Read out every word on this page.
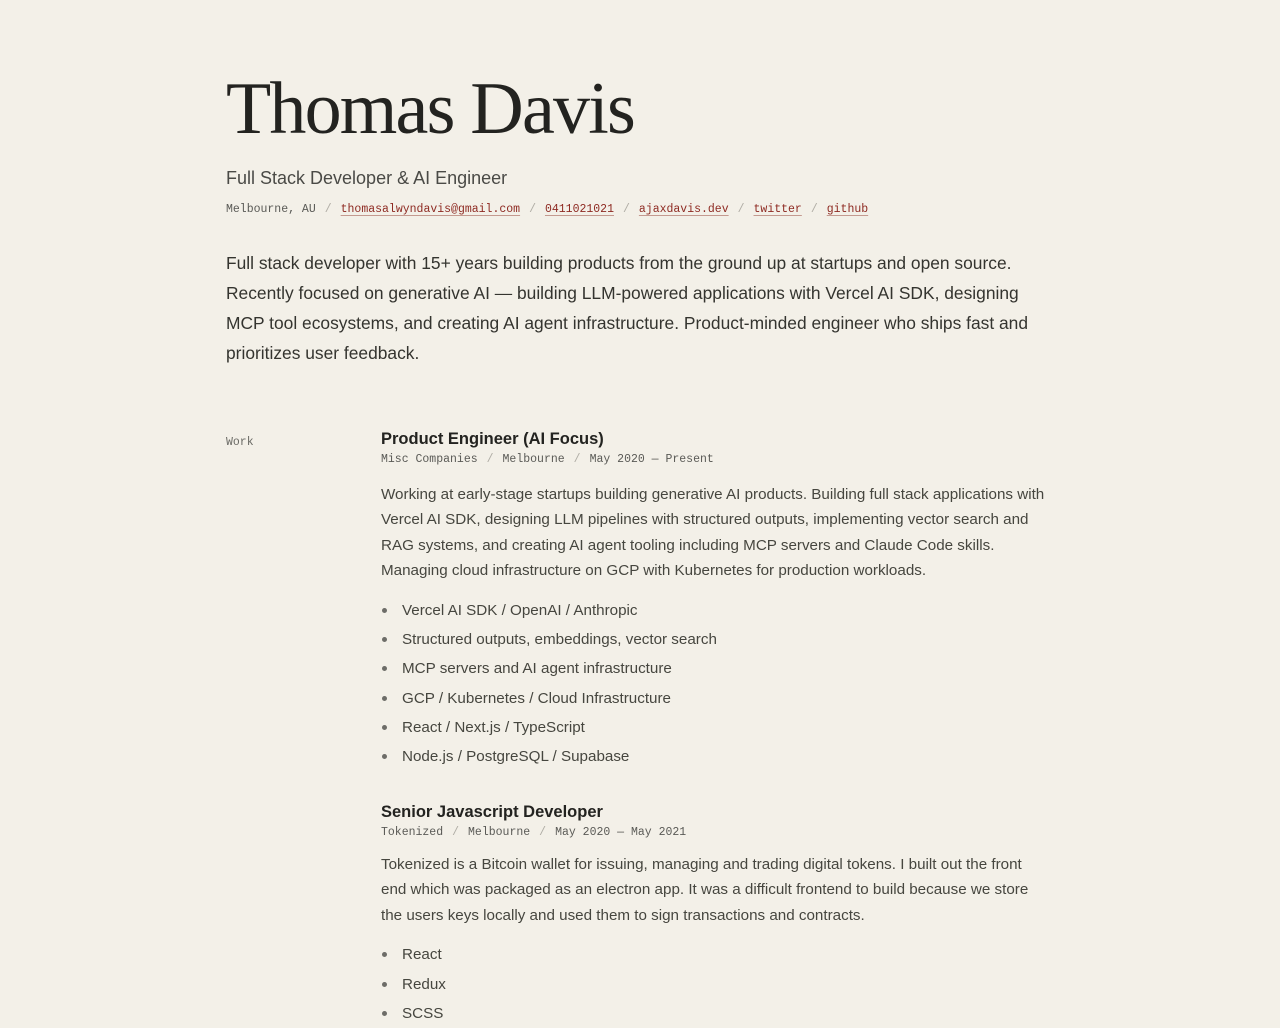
Thomas Davis
Full Stack Developer & AI Engineer
Melbourne, AU / thomasalwyndavis@gmail.com / 0411021021 / ajaxdavis.dev / twitter / github

Full stack developer with 15+ years building products from the ground up at startups and open source. Recently focused on generative AI — building LLM-powered applications with Vercel AI SDK, designing MCP tool ecosystems, and creating AI agent infrastructure. Product-minded engineer who ships fast and prioritizes user feedback.

Work	Product Engineer (AI Focus)
Misc Companies / Melbourne / May 2020 — Present

Working at early-stage startups building generative AI products. Building full stack applications with Vercel AI SDK, designing LLM pipelines with structured outputs, implementing vector search and RAG systems, and creating AI agent tooling including MCP servers and Claude Code skills. Managing cloud infrastructure on GCP with Kubernetes for production workloads.

Vercel AI SDK / OpenAI / Anthropic
Structured outputs, embeddings, vector search
MCP servers and AI agent infrastructure
GCP / Kubernetes / Cloud Infrastructure
React / Next.js / TypeScript
Node.js / PostgreSQL / Supabase
Senior Javascript Developer
Tokenized / Melbourne / May 2020 — May 2021

Tokenized is a Bitcoin wallet for issuing, managing and trading digital tokens. I built out the front end which was packaged as an electron app. It was a difficult frontend to build because we store the users keys locally and used them to sign transactions and contracts.

React
Redux
SCSS
